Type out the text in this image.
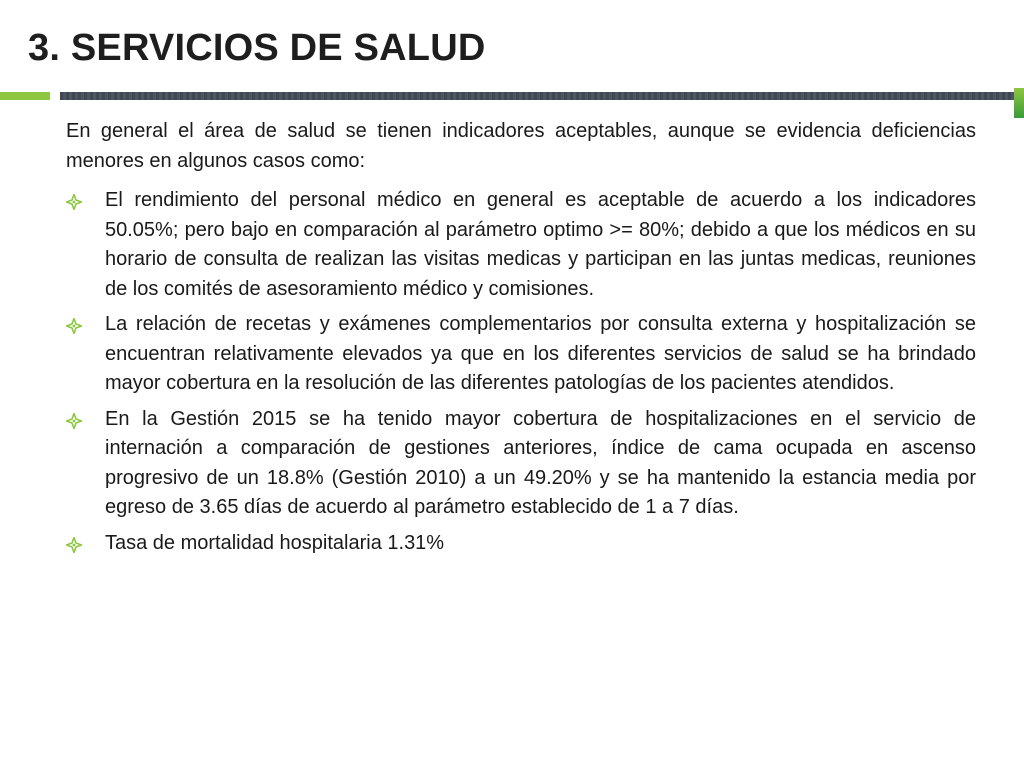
3. SERVICIOS DE SALUD

En general el área de salud se tienen indicadores aceptables, aunque se evidencia deficiencias menores en algunos casos como:

El rendimiento del personal médico en general es aceptable de acuerdo a los indicadores 50.05%; pero bajo en comparación al parámetro optimo >= 80%; debido a que los médicos en su horario de consulta de realizan las visitas medicas y participan en las juntas medicas, reuniones de los comités de asesoramiento médico y comisiones.
La relación de recetas y exámenes complementarios por consulta externa y hospitalización se encuentran relativamente elevados ya que en los diferentes servicios de salud se ha brindado mayor cobertura en la resolución de las diferentes patologías de los pacientes atendidos.
En la Gestión 2015 se ha tenido mayor cobertura de hospitalizaciones en el servicio de internación a comparación de gestiones anteriores, índice de cama ocupada en ascenso progresivo de un 18.8% (Gestión 2010) a un 49.20% y se ha mantenido la estancia media por egreso de 3.65 días de acuerdo al parámetro establecido de 1 a 7 días.
Tasa de mortalidad hospitalaria 1.31%
